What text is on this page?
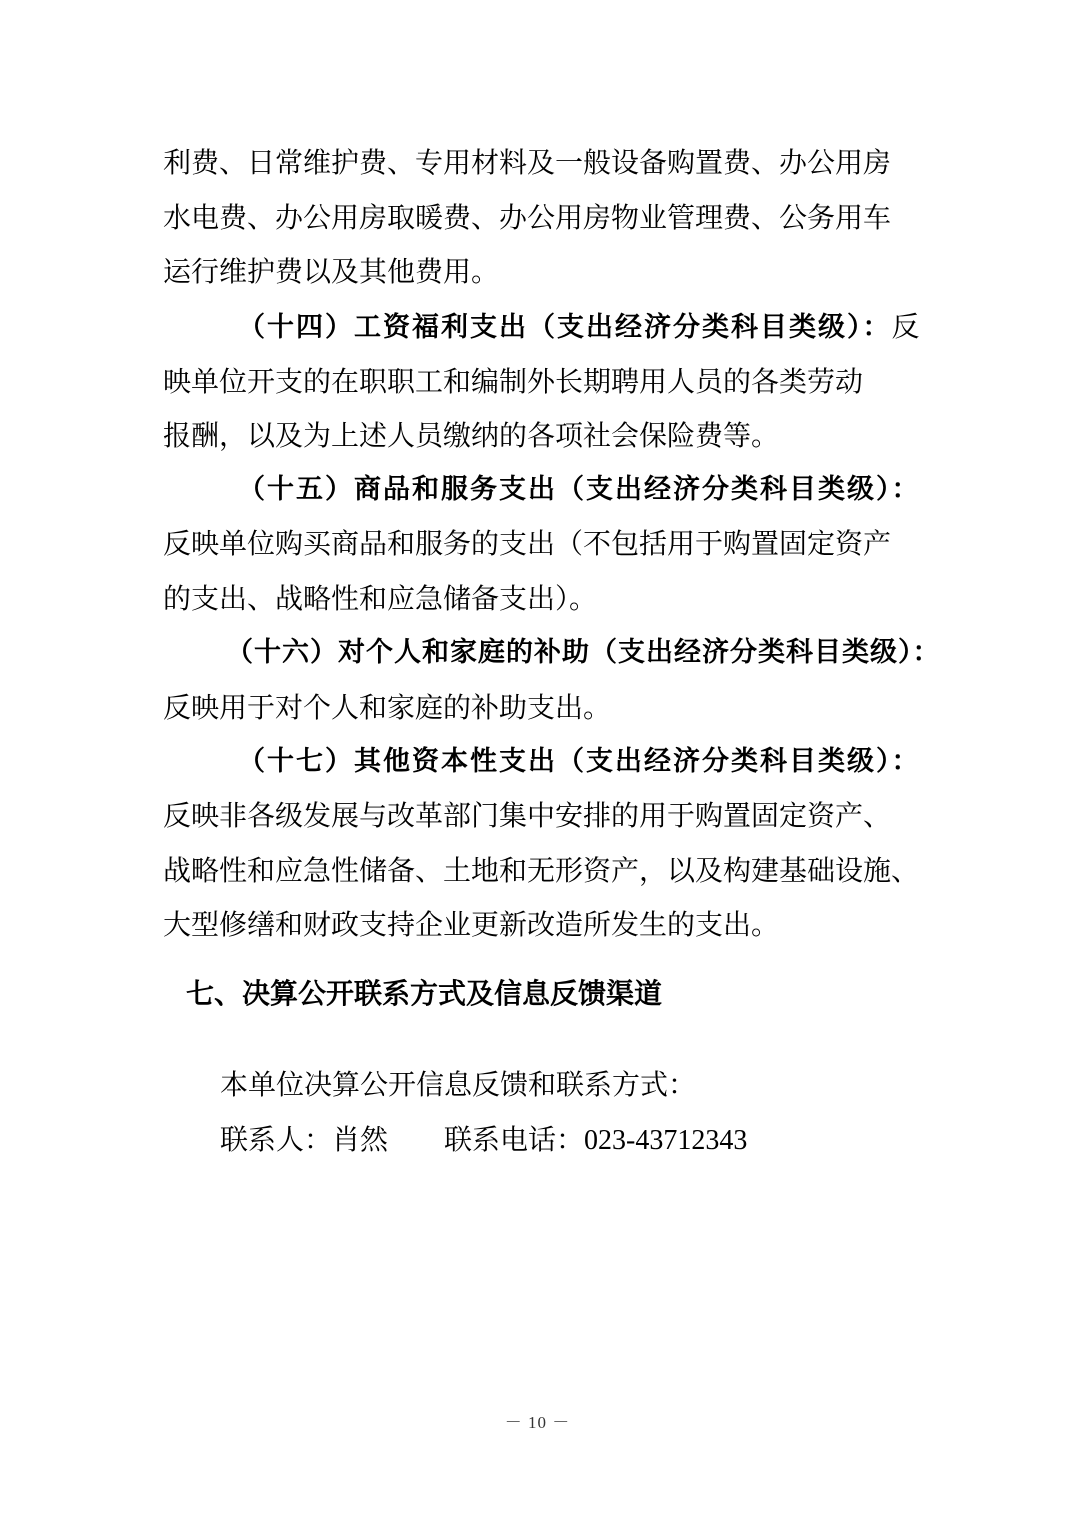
利费、日常维护费、专用材料及一般设备购置费、办公用房
水电费、办公用房取暖费、办公用房物业管理费、公务用车
运行维护费以及其他费用。
（十四）工资福利支出（支出经济分类科目类级）：反
映单位开支的在职职工和编制外长期聘用人员的各类劳动
报酬，以及为上述人员缴纳的各项社会保险费等。
（十五）商品和服务支出（支出经济分类科目类级）：
反映单位购买商品和服务的支出（不包括用于购置固定资产
的支出、战略性和应急储备支出）。
（十六）对个人和家庭的补助（支出经济分类科目类级）：
反映用于对个人和家庭的补助支出。
（十七）其他资本性支出（支出经济分类科目类级）：
反映非各级发展与改革部门集中安排的用于购置固定资产、
战略性和应急性储备、土地和无形资产，以及构建基础设施、
大型修缮和财政支持企业更新改造所发生的支出。
七、决算公开联系方式及信息反馈渠道
本单位决算公开信息反馈和联系方式：
联系人：肖然 联系电话：023-43712343
－ 10 －
